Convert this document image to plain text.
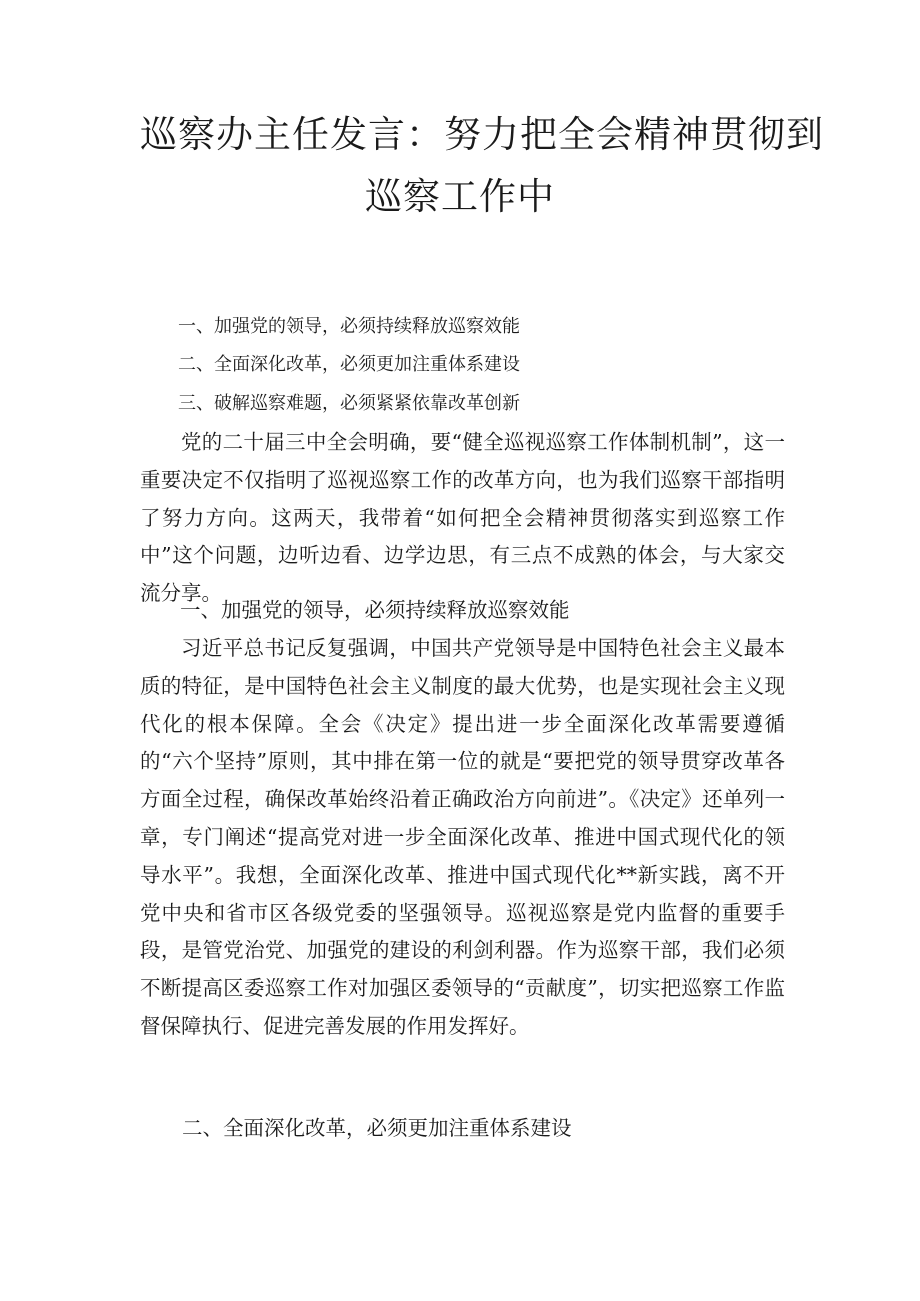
巡察办主任发言：努力把全会精神贯彻到
巡察工作中
一、加强党的领导，必须持续释放巡察效能
二、全面深化改革，必须更加注重体系建设
三、破解巡察难题，必须紧紧依靠改革创新

党的二十届三中全会明确，要“健全巡视巡察工作体制机制”，这一重要决定不仅指明了巡视巡察工作的改革方向，也为我们巡察干部指明了努力方向。这两天，我带着“如何把全会精神贯彻落实到巡察工作中”这个问题，边听边看、边学边思，有三点不成熟的体会，与大家交流分享。

一、加强党的领导，必须持续释放巡察效能

习近平总书记反复强调，中国共产党领导是中国特色社会主义最本质的特征，是中国特色社会主义制度的最大优势，也是实现社会主义现代化的根本保障。全会《决定》提出进一步全面深化改革需要遵循的“六个坚持”原则，其中排在第一位的就是“要把党的领导贯穿改革各方面全过程，确保改革始终沿着正确政治方向前进”。《决定》还单列一章，专门阐述“提高党对进一步全面深化改革、推进中国式现代化的领导水平”。我想，全面深化改革、推进中国式现代化**新实践，离不开党中央和省市区各级党委的坚强领导。巡视巡察是党内监督的重要手段，是管党治党、加强党的建设的利剑利器。作为巡察干部，我们必须不断提高区委巡察工作对加强区委领导的“贡献度”，切实把巡察工作监督保障执行、促进完善发展的作用发挥好。

二、全面深化改革，必须更加注重体系建设
